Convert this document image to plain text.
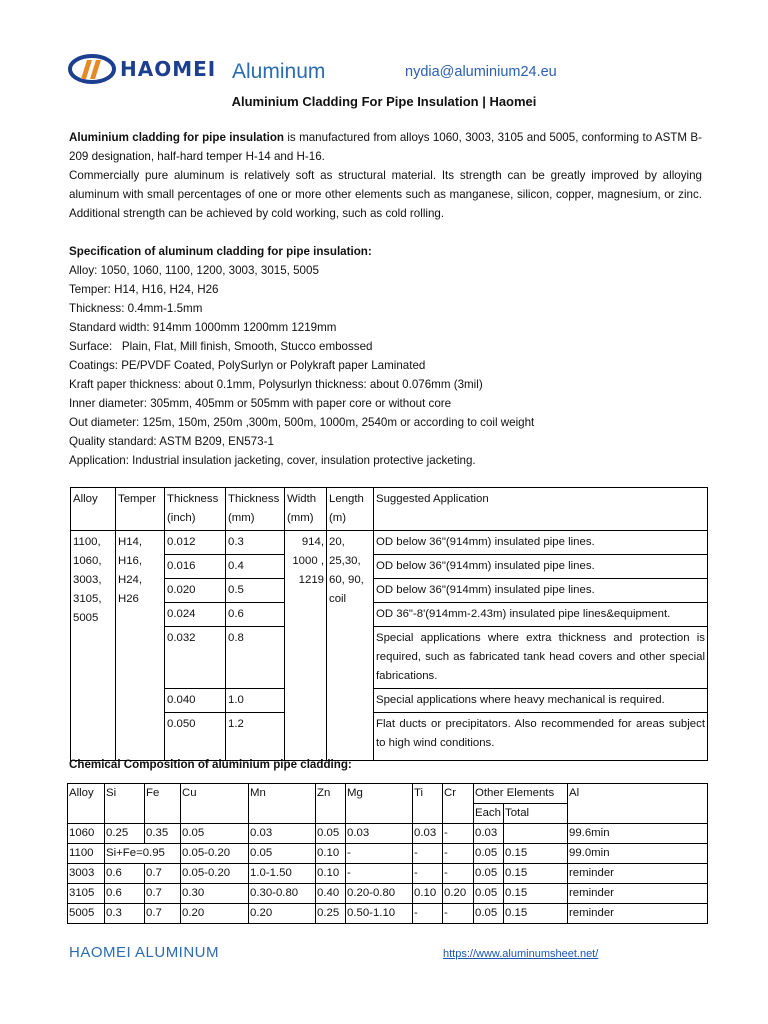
HAOMEI Aluminum	nydia@aluminium24.eu
Aluminium Cladding For Pipe Insulation | Haomei
Aluminium cladding for pipe insulation is manufactured from alloys 1060, 3003, 3105 and 5005, conforming to ASTM B-209 designation, half-hard temper H-14 and H-16.
Commercially pure aluminum is relatively soft as structural material. Its strength can be greatly improved by alloying aluminum with small percentages of one or more other elements such as manganese, silicon, copper, magnesium, or zinc. Additional strength can be achieved by cold working, such as cold rolling.
Specification of aluminum cladding for pipe insulation:
Alloy: 1050, 1060, 1100, 1200, 3003, 3015, 5005
Temper: H14, H16, H24, H26
Thickness: 0.4mm-1.5mm
Standard width: 914mm 1000mm 1200mm 1219mm
Surface:   Plain, Flat, Mill finish, Smooth, Stucco embossed
Coatings: PE/PVDF Coated, PolySurlyn or Polykraft paper Laminated
Kraft paper thickness: about 0.1mm, Polysurlyn thickness: about 0.076mm (3mil)
Inner diameter: 305mm, 405mm or 505mm with paper core or without core
Out diameter: 125m, 150m, 250m ,300m, 500m, 1000m, 2540m or according to coil weight
Quality standard: ASTM B209, EN573-1
Application: Industrial insulation jacketing, cover, insulation protective jacketing.
Alloy	Temper	Thickness (inch)	Thickness (mm)	Width (mm)	Length (m)	Suggested Application
1100, 1060, 3003, 3105, 5005	H14, H16, H24, H26	0.012	0.3	914, 1000 , 1219	20, 25,30, 60, 90, coil	OD below 36"(914mm) insulated pipe lines.
		0.016	0.4			OD below 36"(914mm) insulated pipe lines.
		0.020	0.5			OD below 36"(914mm) insulated pipe lines.
		0.024	0.6			OD 36"-8'(914mm-2.43m) insulated pipe lines&equipment.
		0.032	0.8			Special applications where extra thickness and protection is required, such as fabricated tank head covers and other special fabrications.
		0.040	1.0			Special applications where heavy mechanical is required.
		0.050	1.2			Flat ducts or precipitators. Also recommended for areas subject to high wind conditions.
Chemical Composition of aluminium pipe cladding:
Alloy	Si	Fe	Cu	Mn	Zn	Mg	Ti	Cr	Other Elements		Al
									Each	Total	
1060	0.25	0.35	0.05	0.03	0.05	0.03	0.03	-	0.03		99.6min
1100	Si+Fe=0.95		0.05-0.20	0.05	0.10	-	-	-	0.05	0.15	99.0min
3003	0.6	0.7	0.05-0.20	1.0-1.50	0.10	-	-	-	0.05	0.15	reminder
3105	0.6	0.7	0.30	0.30-0.80	0.40	0.20-0.80	0.10	0.20	0.05	0.15	reminder
5005	0.3	0.7	0.20	0.20	0.25	0.50-1.10	-	-	0.05	0.15	reminder
HAOMEI ALUMINUM	https://www.aluminumsheet.net/
